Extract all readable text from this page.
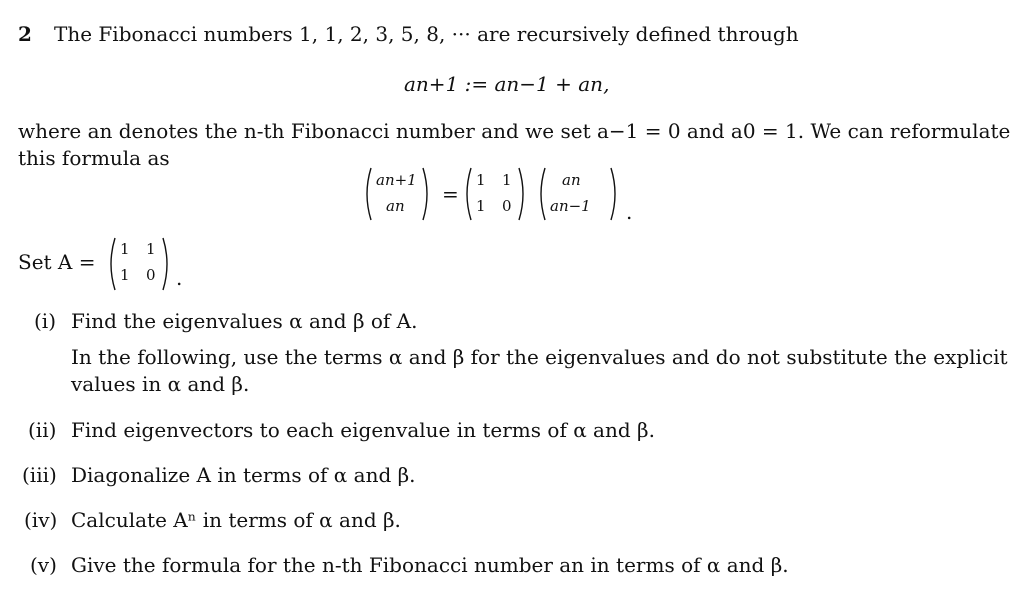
2 The Fibonacci numbers 1, 1, 2, 3, 5, 8, ··· are recursively defined through
an+1 := an−1 + an,
where an denotes the n-th Fibonacci number and we set a−1 = 0 and a0 = 1. We can reformulate
this formula as
an+1
an =
1 1
1 0
an
an−1 .
Set A =
1 1
1 0 .
(i) Find the eigenvalues α and β of A.
In the following, use the terms α and β for the eigenvalues and do not substitute the explicit
values in α and β.
(ii) Find eigenvectors to each eigenvalue in terms of α and β.
(iii) Diagonalize A in terms of α and β.
(iv) Calculate Aⁿ in terms of α and β.
(v) Give the formula for the n-th Fibonacci number an in terms of α and β.
